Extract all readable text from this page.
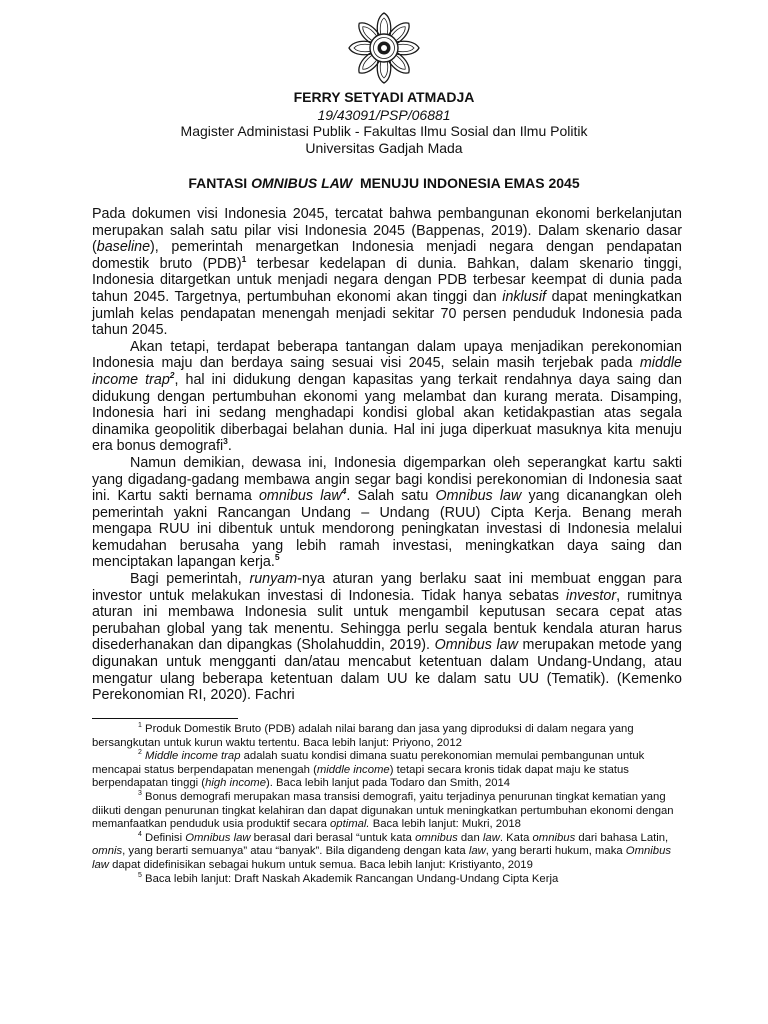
FERRY SETYADI ATMADJA
19/43091/PSP/06881
Magister Administasi Publik - Fakultas Ilmu Sosial dan Ilmu Politik
Universitas Gadjah Mada
FANTASI OMNIBUS LAW  MENUJU INDONESIA EMAS 2045

Pada dokumen visi Indonesia 2045, tercatat bahwa pembangunan ekonomi berkelanjutan merupakan salah satu pilar visi Indonesia 2045 (Bappenas, 2019). Dalam skenario dasar (baseline), pemerintah menargetkan Indonesia menjadi negara dengan pendapatan domestik bruto (PDB)$^1$ terbesar kedelapan di dunia. Bahkan, dalam skenario tinggi, Indonesia ditargetkan untuk menjadi negara dengan PDB terbesar keempat di dunia pada tahun 2045. Targetnya, pertumbuhan ekonomi akan tinggi dan inklusif dapat meningkatkan jumlah kelas pendapatan menengah menjadi sekitar 70 persen penduduk Indonesia pada tahun 2045.

Akan tetapi, terdapat beberapa tantangan dalam upaya menjadikan perekonomian Indonesia maju dan berdaya saing sesuai visi 2045, selain masih terjebak pada middle income trap$^2$, hal ini didukung dengan kapasitas yang terkait rendahnya daya saing dan didukung dengan pertumbuhan ekonomi yang melambat dan kurang merata. Disamping, Indonesia hari ini sedang menghadapi kondisi global akan ketidakpastian atas segala dinamika geopolitik diberbagai belahan dunia. Hal ini juga diperkuat masuknya kita menuju era bonus demografi$^3$.

Namun demikian, dewasa ini, Indonesia digemparkan oleh seperangkat kartu sakti yang digadang-gadang membawa angin segar bagi kondisi perekonomian di Indonesia saat ini. Kartu sakti bernama omnibus law$^4$. Salah satu Omnibus law yang dicanangkan oleh pemerintah yakni Rancangan Undang – Undang (RUU) Cipta Kerja. Benang merah mengapa RUU ini dibentuk untuk mendorong peningkatan investasi di Indonesia melalui kemudahan berusaha yang lebih ramah investasi, meningkatkan daya saing dan menciptakan lapangan kerja.$^5$

Bagi pemerintah, runyam-nya aturan yang berlaku saat ini membuat enggan para investor untuk melakukan investasi di Indonesia. Tidak hanya sebatas investor, rumitnya aturan ini membawa Indonesia sulit untuk mengambil keputusan secara cepat atas perubahan global yang tak menentu. Sehingga perlu segala bentuk kendala aturan harus disederhanakan dan dipangkas (Sholahuddin, 2019). Omnibus law merupakan metode yang digunakan untuk mengganti dan/atau mencabut ketentuan dalam Undang-Undang, atau mengatur ulang beberapa ketentuan dalam UU ke dalam satu UU (Tematik). (Kemenko Perekonomian RI, 2020). Fachri

$^1$ Produk Domestik Bruto (PDB) adalah nilai barang dan jasa yang diproduksi di dalam negara yang bersangkutan untuk kurun waktu tertentu. Baca lebih lanjut: Priyono, 2012

$^2$ Middle income trap adalah suatu kondisi dimana suatu perekonomian memulai pembangunan untuk mencapai status berpendapatan menengah (middle income) tetapi secara kronis tidak dapat maju ke status berpendapatan tinggi (high income). Baca lebih lanjut pada Todaro dan Smith, 2014

$^3$ Bonus demografi merupakan masa transisi demografi, yaitu terjadinya penurunan tingkat kematian yang diikuti dengan penurunan tingkat kelahiran dan dapat digunakan untuk meningkatkan pertumbuhan ekonomi dengan memanfaatkan penduduk usia produktif secara optimal. Baca lebih lanjut: Mukri, 2018

$^4$ Definisi Omnibus law berasal dari berasal “untuk kata omnibus dan law. Kata omnibus dari bahasa Latin, omnis, yang berarti semuanya” atau “banyak”. Bila digandeng dengan kata law, yang berarti hukum, maka Omnibus law dapat didefinisikan sebagai hukum untuk semua. Baca lebih lanjut: Kristiyanto, 2019

$^5$ Baca lebih lanjut: Draft Naskah Akademik Rancangan Undang-Undang Cipta Kerja
